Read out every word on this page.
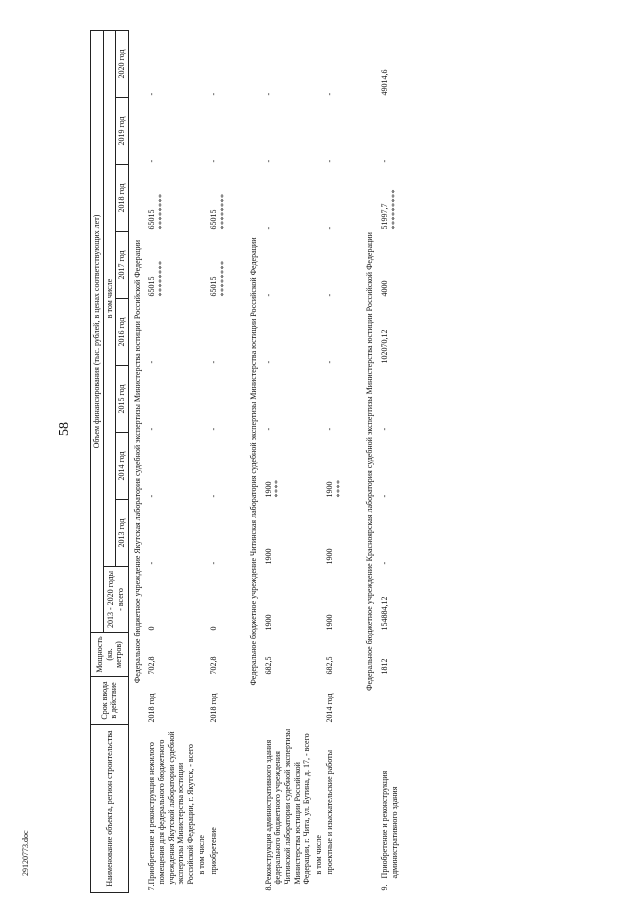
58
Наименование объекта, регион строительства	Срок ввода в действие	Мощность (кв. метров)	Объем финансирования (тыс. рублей, в ценах соответствующих лет)								
			2013 - 2020 годы - всего	в том числе							
				2013 год	2014 год	2015 год	2016 год	2017 год	2018 год	2019 год	2020 год
Федеральное бюджетное учреждение Якутская лаборатория судебной экспертизы Министерства юстиции Российской Федерации											

7.
Приобретение и реконструкция нежилого помещения для федерального бюджетного учреждения Якутской лаборатории судебной экспертизы Министерства юстиции Российской Федерации, г. Якутск, - всего	2018 год	702,8	0	-	-	-	-	65015 ********	65015 ********	-	-

в том числе											

приобретение	2018 год	702,8	0	-	-	-	-	65015 ********	65015 ********	-	-

Федеральное бюджетное учреждение Читинская лаборатория судебной экспертизы Министерства юстиции Российской Федерации											

8.
Реконструкция административного здания федерального бюджетного учреждения Читинской лаборатории судебной экспертизы Министерства юстиции Российской Федерации, г. Чита, ул. Бутина, д. 17, - всего		682,5	1900	1900	1900 ****	-	-	-	-	-	-

в том числе											

проектные и изыскательские работы	2014 год	682,5	1900	1900	1900 ****	-	-	-	-	-	-

Федеральное бюджетное учреждение Красноярская лаборатория судебной экспертизы Министерства юстиции Российской Федерации											

9.
Приобретение и реконструкция административного здания		1812	154884,12	-	-	-	102070,12	4000	51997,7 *********	-	49014,6

29120773.doc
